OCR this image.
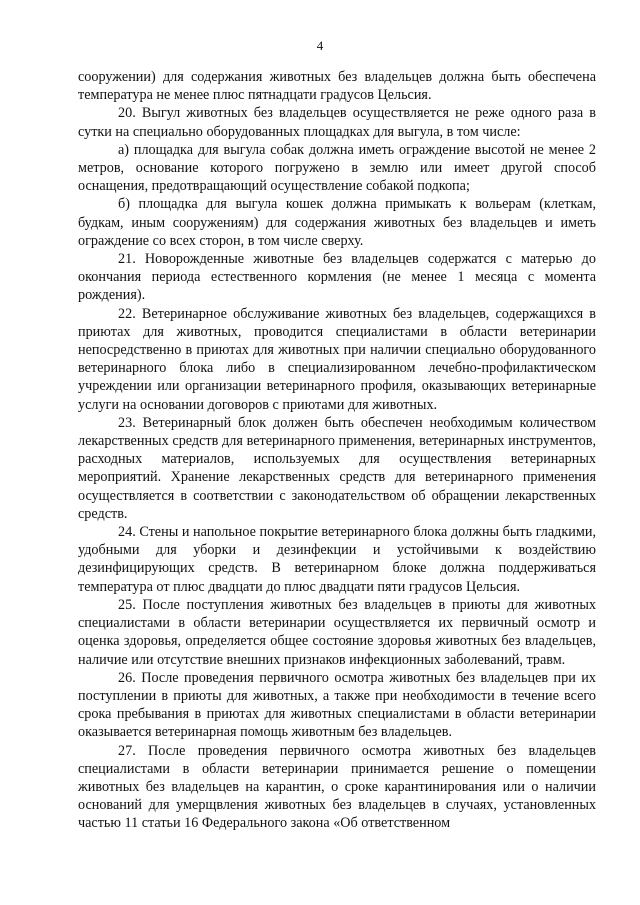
4

сооружении) для содержания животных без владельцев должна быть обеспечена температура не менее плюс пятнадцати градусов Цельсия.

20. Выгул животных без владельцев осуществляется не реже одного раза в сутки на специально оборудованных площадках для выгула, в том числе:

а) площадка для выгула собак должна иметь ограждение высотой не менее 2 метров, основание которого погружено в землю или имеет другой способ оснащения, предотвращающий осуществление собакой подкопа;

б) площадка для выгула кошек должна примыкать к вольерам (клеткам, будкам, иным сооружениям) для содержания животных без владельцев и иметь ограждение со всех сторон, в том числе сверху.

21. Новорожденные животные без владельцев содержатся с матерью до окончания периода естественного кормления (не менее 1 месяца с момента рождения).

22. Ветеринарное обслуживание животных без владельцев, содержащихся в приютах для животных, проводится специалистами в области ветеринарии непосредственно в приютах для животных при наличии специально оборудованного ветеринарного блока либо в специализированном лечебно-профилактическом учреждении или организации ветеринарного профиля, оказывающих ветеринарные услуги на основании договоров с приютами для животных.

23. Ветеринарный блок должен быть обеспечен необходимым количеством лекарственных средств для ветеринарного применения, ветеринарных инструментов, расходных материалов, используемых для осуществления ветеринарных мероприятий. Хранение лекарственных средств для ветеринарного применения осуществляется в соответствии с законодательством об обращении лекарственных средств.

24. Стены и напольное покрытие ветеринарного блока должны быть гладкими, удобными для уборки и дезинфекции и устойчивыми к воздействию дезинфицирующих средств. В ветеринарном блоке должна поддерживаться температура от плюс двадцати до плюс двадцати пяти градусов Цельсия.

25. После поступления животных без владельцев в приюты для животных специалистами в области ветеринарии осуществляется их первичный осмотр и оценка здоровья, определяется общее состояние здоровья животных без владельцев, наличие или отсутствие внешних признаков инфекционных заболеваний, травм.

26. После проведения первичного осмотра животных без владельцев при их поступлении в приюты для животных, а также при необходимости в течение всего срока пребывания в приютах для животных специалистами в области ветеринарии оказывается ветеринарная помощь животным без владельцев.

27. После проведения первичного осмотра животных без владельцев специалистами в области ветеринарии принимается решение о помещении животных без владельцев на карантин, о сроке карантинирования или о наличии оснований для умерщвления животных без владельцев в случаях, установленных частью 11 статьи 16 Федерального закона «Об ответственном
